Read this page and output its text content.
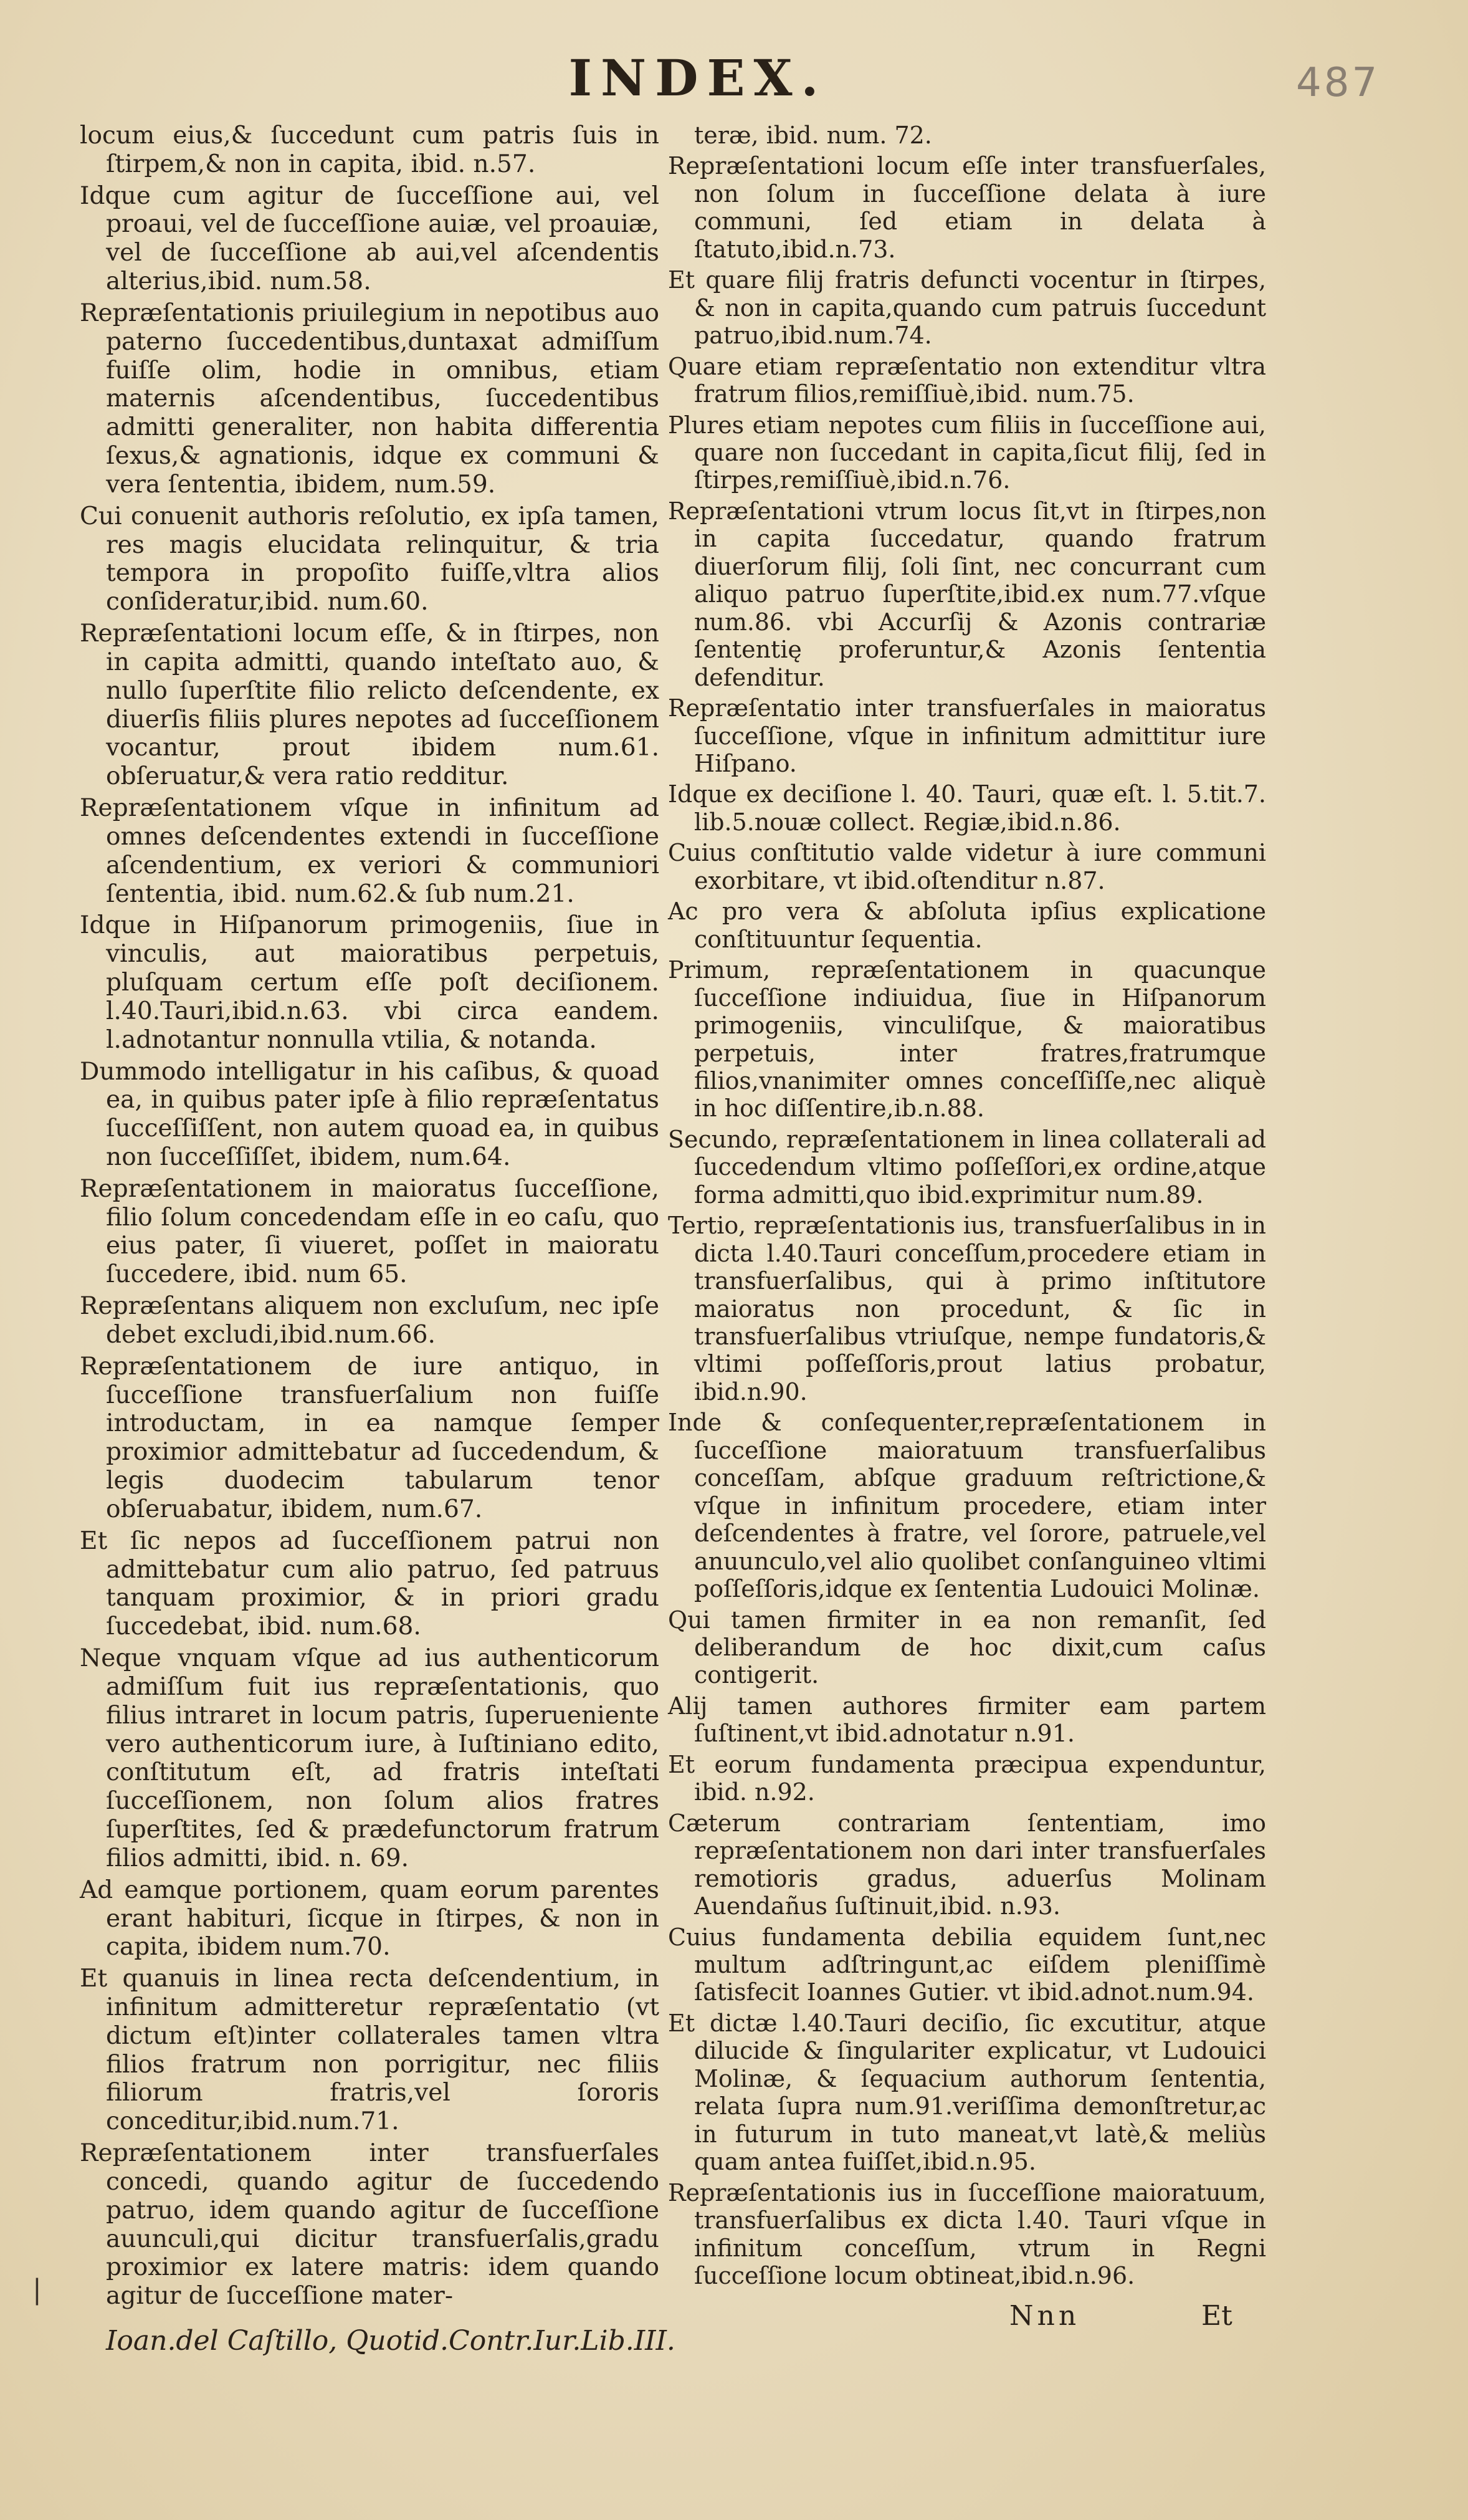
INDEX.	487

locum eius,& ſuccedunt cum patris ſuis in ſtirpem,& non in capita, ibid. n.57.

Idque cum agitur de ſucceſſione aui, vel proaui, vel de ſucceſſione auiæ, vel proauiæ, vel de ſucceſſione ab aui,vel aſcendentis alterius,ibid. num.58.

Repræſentationis priuilegium in nepotibus auo paterno ſuccedentibus,duntaxat admiſſum fuiſſe olim, hodie in omnibus, etiam maternis aſcendentibus, ſuccedentibus admitti generaliter, non habita differentia ſexus,& agnationis, idque ex communi & vera ſententia, ibidem, num.59.

Cui conuenit authoris reſolutio, ex ipſa tamen, res magis elucidata relinquitur, & tria tempora in propoſito fuiſſe,vltra alios conſideratur,ibid. num.60.

Repræſentationi locum eſſe, & in ſtirpes, non in capita admitti, quando inteſtato auo, & nullo ſuperſtite filio relicto deſcendente, ex diuerſis filiis plures nepotes ad ſucceſſionem vocantur, prout ibidem num.61. obſeruatur,& vera ratio redditur.

Repræſentationem vſque in infinitum ad omnes deſcendentes extendi in ſucceſſione aſcendentium, ex veriori & communiori ſententia, ibid. num.62.& ſub num.21.

Idque in Hiſpanorum primogeniis, ſiue in vinculis, aut maioratibus perpetuis, pluſquam certum eſſe poſt deciſionem. l.40.Tauri,ibid.n.63. vbi circa eandem. l.adnotantur nonnulla vtilia, & notanda.

Dummodo intelligatur in his caſibus, & quoad ea, in quibus pater ipſe à filio repræſentatus ſucceſſiſſent, non autem quoad ea, in quibus non ſucceſſiſſet, ibidem, num.64.

Repræſentationem in maioratus ſucceſſione, filio ſolum concedendam eſſe in eo caſu, quo eius pater, ſi viueret, poſſet in maioratu ſuccedere, ibid. num 65.

Repræſentans aliquem non excluſum, nec ipſe debet excludi,ibid.num.66.

Repræſentationem de iure antiquo, in ſucceſſione transfuerſalium non fuiſſe introductam, in ea namque ſemper proximior admittebatur ad ſuccedendum, & legis duodecim tabularum tenor obſeruabatur, ibidem, num.67.

Et ſic nepos ad ſucceſſionem patrui non admittebatur cum alio patruo, ſed patruus tanquam proximior, & in priori gradu ſuccedebat, ibid. num.68.

Neque vnquam vſque ad ius authenticorum admiſſum fuit ius repræſentationis, quo filius intraret in locum patris, ſuperueniente vero authenticorum iure, à Iuſtiniano edito, conſtitutum eſt, ad fratris inteſtati ſucceſſionem, non ſolum alios fratres ſuperſtites, ſed & prædefunctorum fratrum filios admitti, ibid. n. 69.

Ad eamque portionem, quam eorum parentes erant habituri, ſicque in ſtirpes, & non in capita, ibidem num.70.

Et quanuis in linea recta deſcendentium, in infinitum admitteretur repræſentatio (vt dictum eſt)inter collaterales tamen vltra filios fratrum non porrigitur, nec filiis filiorum fratris,vel ſororis conceditur,ibid.num.71.

Repræſentationem inter transfuerſales concedi, quando agitur de ſuccedendo patruo, idem quando agitur de ſucceſſione auunculi,qui dicitur transfuerſalis,gradu proximior ex latere matris: idem quando agitur de ſucceſſione mater-

teræ, ibid. num. 72.

Repræſentationi locum eſſe inter transfuerſales, non ſolum in ſucceſſione delata à iure communi, ſed etiam in delata à ſtatuto,ibid.n.73.

Et quare filij fratris defuncti vocentur in ſtirpes, & non in capita,quando cum patruis ſuccedunt patruo,ibid.num.74.

Quare etiam repræſentatio non extenditur vltra fratrum filios,remiſſiuè,ibid. num.75.

Plures etiam nepotes cum filiis in ſucceſſione aui, quare non ſuccedant in capita,ſicut filij, ſed in ſtirpes,remiſſiuè,ibid.n.76.

Repræſentationi vtrum locus ſit,vt in ſtirpes,non in capita ſuccedatur, quando fratrum diuerſorum filij, ſoli ſint, nec concurrant cum aliquo patruo ſuperſtite,ibid.ex num.77.vſque num.86. vbi Accurſij & Azonis contrariæ ſententię proferuntur,& Azonis ſententia defenditur.

Repræſentatio inter transfuerſales in maioratus ſucceſſione, vſque in infinitum admittitur iure Hiſpano.

Idque ex deciſione l. 40. Tauri, quæ eſt. l. 5.tit.7. lib.5.nouæ collect. Regiæ,ibid.n.86.

Cuius conſtitutio valde videtur à iure communi exorbitare, vt ibid.oſtenditur n.87.

Ac pro vera & abſoluta ipſius explicatione conſtituuntur ſequentia.

Primum, repræſentationem in quacunque ſucceſſione indiuidua, ſiue in Hiſpanorum primogeniis, vinculiſque, & maioratibus perpetuis, inter fratres,fratrumque filios,vnanimiter omnes conceſſiſſe,nec aliquè in hoc diſſentire,ib.n.88.

Secundo, repræſentationem in linea collaterali ad ſuccedendum vltimo poſſeſſori,ex ordine,atque forma admitti,quo ibid.exprimitur num.89.

Tertio, repræſentationis ius, transfuerſalibus in in dicta l.40.Tauri conceſſum,procedere etiam in transfuerſalibus, qui à primo inſtitutore maioratus non procedunt, & ſic in transfuerſalibus vtriuſque, nempe fundatoris,& vltimi poſſeſſoris,prout latius probatur, ibid.n.90.

Inde & conſequenter,repræſentationem in ſucceſſione maioratuum transfuerſalibus conceſſam, abſque graduum reſtrictione,& vſque in infinitum procedere, etiam inter deſcendentes à fratre, vel ſorore, patruele,vel anuunculo,vel alio quolibet conſanguineo vltimi poſſeſſoris,idque ex ſententia Ludouici Molinæ.

Qui tamen firmiter in ea non remanſit, ſed deliberandum de hoc dixit,cum caſus contigerit.

Alij tamen authores firmiter eam partem ſuſtinent,vt ibid.adnotatur n.91.

Et eorum fundamenta præcipua expenduntur, ibid. n.92.

Cæterum contrariam ſententiam, imo repræſentationem non dari inter transfuerſales remotioris gradus, aduerſus Molinam Auendañus ſuſtinuit,ibid. n.93.

Cuius fundamenta debilia equidem ſunt,nec multum adſtringunt,ac eiſdem pleniſſimè ſatisfecit Ioannes Gutier. vt ibid.adnot.num.94.

Et dictæ l.40.Tauri deciſio, ſic excutitur, atque dilucide & ſingulariter explicatur, vt Ludouici Molinæ, & ſequacium authorum ſententia, relata ſupra num.91.veriſſima demonſtretur,ac in futurum in tuto maneat,vt latè,& meliùs quam antea fuiſſet,ibid.n.95.

Repræſentationis ius in ſucceſſione maioratuum, transfuerſalibus ex dicta l.40. Tauri vſque in infinitum conceſſum, vtrum in Regni ſucceſſione locum obtineat,ibid.n.96.

|
Ioan.del Caſtillo, Quotid.Contr.Iur.Lib.III.
Nnn	Et
